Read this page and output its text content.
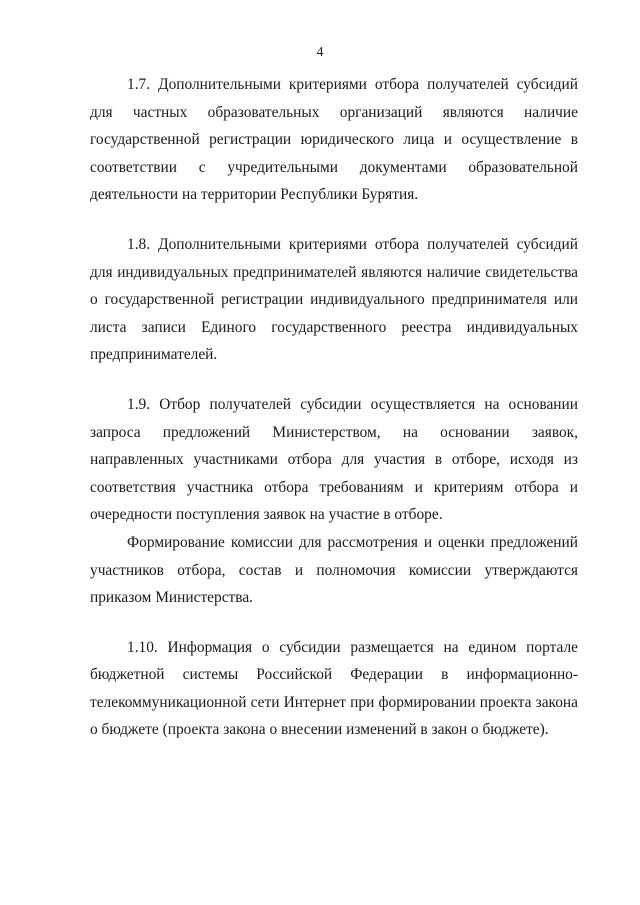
4

1.7. Дополнительными критериями отбора получателей субсидий для частных образовательных организаций являются наличие государственной регистрации юридического лица и осуществление в соответствии с учредительными документами образовательной деятельности на территории Республики Бурятия.

1.8. Дополнительными критериями отбора получателей субсидий для индивидуальных предпринимателей являются наличие свидетельства о государственной регистрации индивидуального предпринимателя или листа записи Единого государственного реестра индивидуальных предпринимателей.

1.9. Отбор получателей субсидии осуществляется на основании запроса предложений Министерством, на основании заявок, направленных участниками отбора для участия в отборе, исходя из соответствия участника отбора требованиям и критериям отбора и очередности поступления заявок на участие в отборе.

Формирование комиссии для рассмотрения и оценки предложений участников отбора, состав и полномочия комиссии утверждаются приказом Министерства.

1.10. Информация о субсидии размещается на едином портале бюджетной системы Российской Федерации в информационно-телекоммуникационной сети Интернет при формировании проекта закона о бюджете (проекта закона о внесении изменений в закон о бюджете).
